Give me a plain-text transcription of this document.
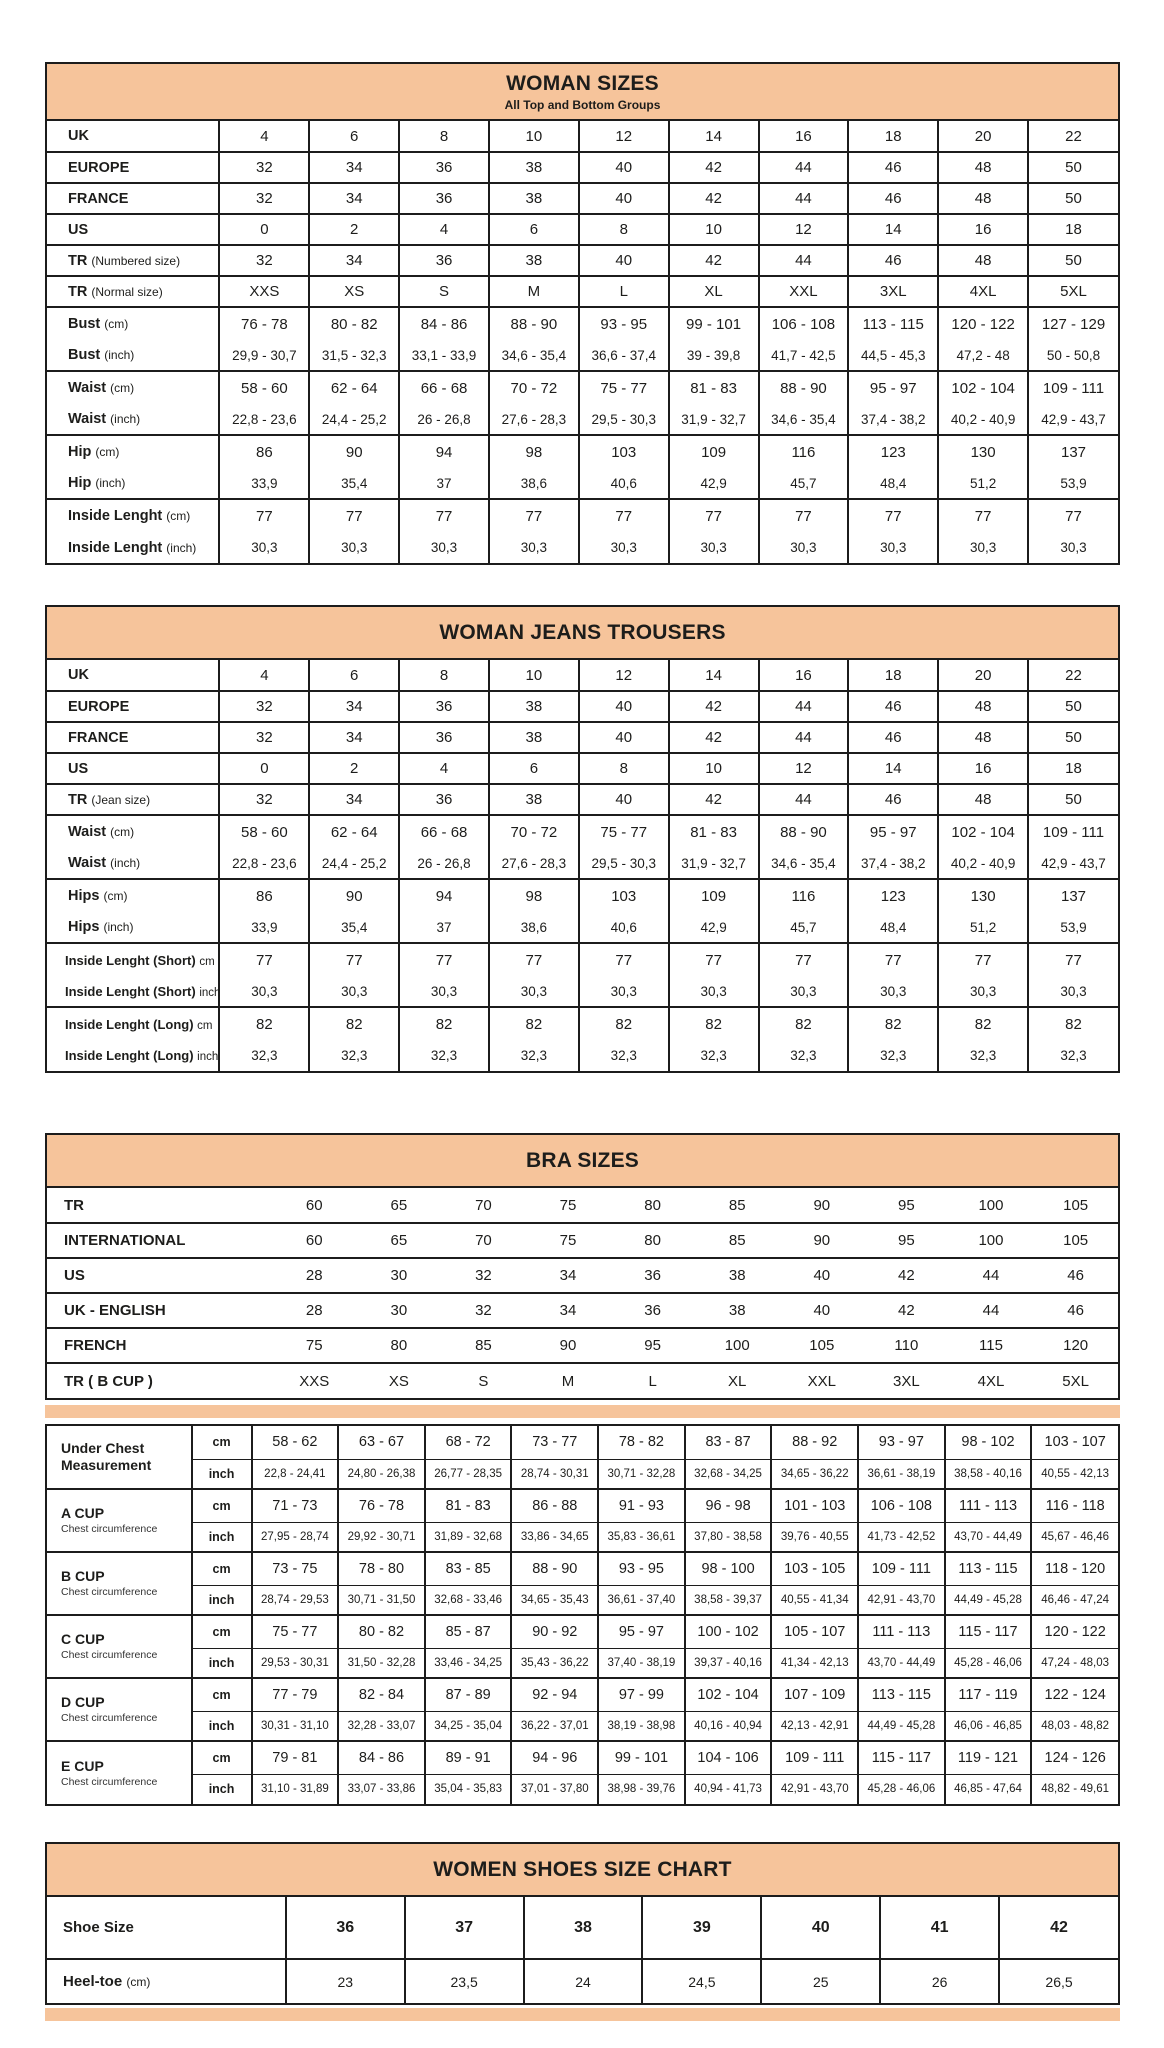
WOMAN SIZES
All Top and Bottom Groups
UK	4	6	8	10	12	14	16	18	20	22
EUROPE	32	34	36	38	40	42	44	46	48	50
FRANCE	32	34	36	38	40	42	44	46	48	50
US	0	2	4	6	8	10	12	14	16	18
TR (Numbered size)	32	34	36	38	40	42	44	46	48	50
TR (Normal size)	XXS	XS	S	M	L	XL	XXL	3XL	4XL	5XL
Bust (cm)	76 - 78	80 - 82	84 - 86	88 - 90	93 - 95	99 - 101	106 - 108	113 - 115	120 - 122	127 - 129
Bust (inch)	29,9 - 30,7	31,5 - 32,3	33,1 - 33,9	34,6 - 35,4	36,6 - 37,4	39 - 39,8	41,7 - 42,5	44,5 - 45,3	47,2 - 48	50 - 50,8
Waist (cm)	58 - 60	62 - 64	66 - 68	70 - 72	75 - 77	81 - 83	88 - 90	95 - 97	102 - 104	109 - 111
Waist (inch)	22,8 - 23,6	24,4 - 25,2	26 - 26,8	27,6 - 28,3	29,5 - 30,3	31,9 - 32,7	34,6 - 35,4	37,4 - 38,2	40,2 - 40,9	42,9 - 43,7
Hip (cm)	86	90	94	98	103	109	116	123	130	137
Hip (inch)	33,9	35,4	37	38,6	40,6	42,9	45,7	48,4	51,2	53,9
Inside Lenght (cm)	77	77	77	77	77	77	77	77	77	77
Inside Lenght (inch)	30,3	30,3	30,3	30,3	30,3	30,3	30,3	30,3	30,3	30,3
WOMAN JEANS TROUSERS
UK	4	6	8	10	12	14	16	18	20	22
EUROPE	32	34	36	38	40	42	44	46	48	50
FRANCE	32	34	36	38	40	42	44	46	48	50
US	0	2	4	6	8	10	12	14	16	18
TR (Jean size)	32	34	36	38	40	42	44	46	48	50
Waist (cm)	58 - 60	62 - 64	66 - 68	70 - 72	75 - 77	81 - 83	88 - 90	95 - 97	102 - 104	109 - 111
Waist (inch)	22,8 - 23,6	24,4 - 25,2	26 - 26,8	27,6 - 28,3	29,5 - 30,3	31,9 - 32,7	34,6 - 35,4	37,4 - 38,2	40,2 - 40,9	42,9 - 43,7
Hips (cm)	86	90	94	98	103	109	116	123	130	137
Hips (inch)	33,9	35,4	37	38,6	40,6	42,9	45,7	48,4	51,2	53,9
Inside Lenght (Short) cm	77	77	77	77	77	77	77	77	77	77
Inside Lenght (Short) inch	30,3	30,3	30,3	30,3	30,3	30,3	30,3	30,3	30,3	30,3
Inside Lenght (Long) cm	82	82	82	82	82	82	82	82	82	82
Inside Lenght (Long) inch	32,3	32,3	32,3	32,3	32,3	32,3	32,3	32,3	32,3	32,3
BRA SIZES
TR	60	65	70	75	80	85	90	95	100	105
INTERNATIONAL	60	65	70	75	80	85	90	95	100	105
US	28	30	32	34	36	38	40	42	44	46
UK - ENGLISH	28	30	32	34	36	38	40	42	44	46
FRENCH	75	80	85	90	95	100	105	110	115	120
TR ( B CUP )	XXS	XS	S	M	L	XL	XXL	3XL	4XL	5XL
Under Chest Measurement	cm	58 - 62	63 - 67	68 - 72	73 - 77	78 - 82	83 - 87	88 - 92	93 - 97	98 - 102	103 - 107
	inch	22,8 - 24,41	24,80 - 26,38	26,77 - 28,35	28,74 - 30,31	30,71 - 32,28	32,68 - 34,25	34,65 - 36,22	36,61 - 38,19	38,58 - 40,16	40,55 - 42,13
A CUP
Chest circumference	cm	71 - 73	76 - 78	81 - 83	86 - 88	91 - 93	96 - 98	101 - 103	106 - 108	111 - 113	116 - 118
	inch	27,95 - 28,74	29,92 - 30,71	31,89 - 32,68	33,86 - 34,65	35,83 - 36,61	37,80 - 38,58	39,76 - 40,55	41,73 - 42,52	43,70 - 44,49	45,67 - 46,46
B CUP
Chest circumference	cm	73 - 75	78 - 80	83 - 85	88 - 90	93 - 95	98 - 100	103 - 105	109 - 111	113 - 115	118 - 120
	inch	28,74 - 29,53	30,71 - 31,50	32,68 - 33,46	34,65 - 35,43	36,61 - 37,40	38,58 - 39,37	40,55 - 41,34	42,91 - 43,70	44,49 - 45,28	46,46 - 47,24
C CUP
Chest circumference	cm	75 - 77	80 - 82	85 - 87	90 - 92	95 - 97	100 - 102	105 - 107	111 - 113	115 - 117	120 - 122
	inch	29,53 - 30,31	31,50 - 32,28	33,46 - 34,25	35,43 - 36,22	37,40 - 38,19	39,37 - 40,16	41,34 - 42,13	43,70 - 44,49	45,28 - 46,06	47,24 - 48,03
D CUP
Chest circumference	cm	77 - 79	82 - 84	87 - 89	92 - 94	97 - 99	102 - 104	107 - 109	113 - 115	117 - 119	122 - 124
	inch	30,31 - 31,10	32,28 - 33,07	34,25 - 35,04	36,22 - 37,01	38,19 - 38,98	40,16 - 40,94	42,13 - 42,91	44,49 - 45,28	46,06 - 46,85	48,03 - 48,82
E CUP
Chest circumference	cm	79 - 81	84 - 86	89 - 91	94 - 96	99 - 101	104 - 106	109 - 111	115 - 117	119 - 121	124 - 126
	inch	31,10 - 31,89	33,07 - 33,86	35,04 - 35,83	37,01 - 37,80	38,98 - 39,76	40,94 - 41,73	42,91 - 43,70	45,28 - 46,06	46,85 - 47,64	48,82 - 49,61
WOMEN SHOES SIZE CHART
Shoe Size	36	37	38	39	40	41	42
Heel-toe (cm)	23	23,5	24	24,5	25	26	26,5
